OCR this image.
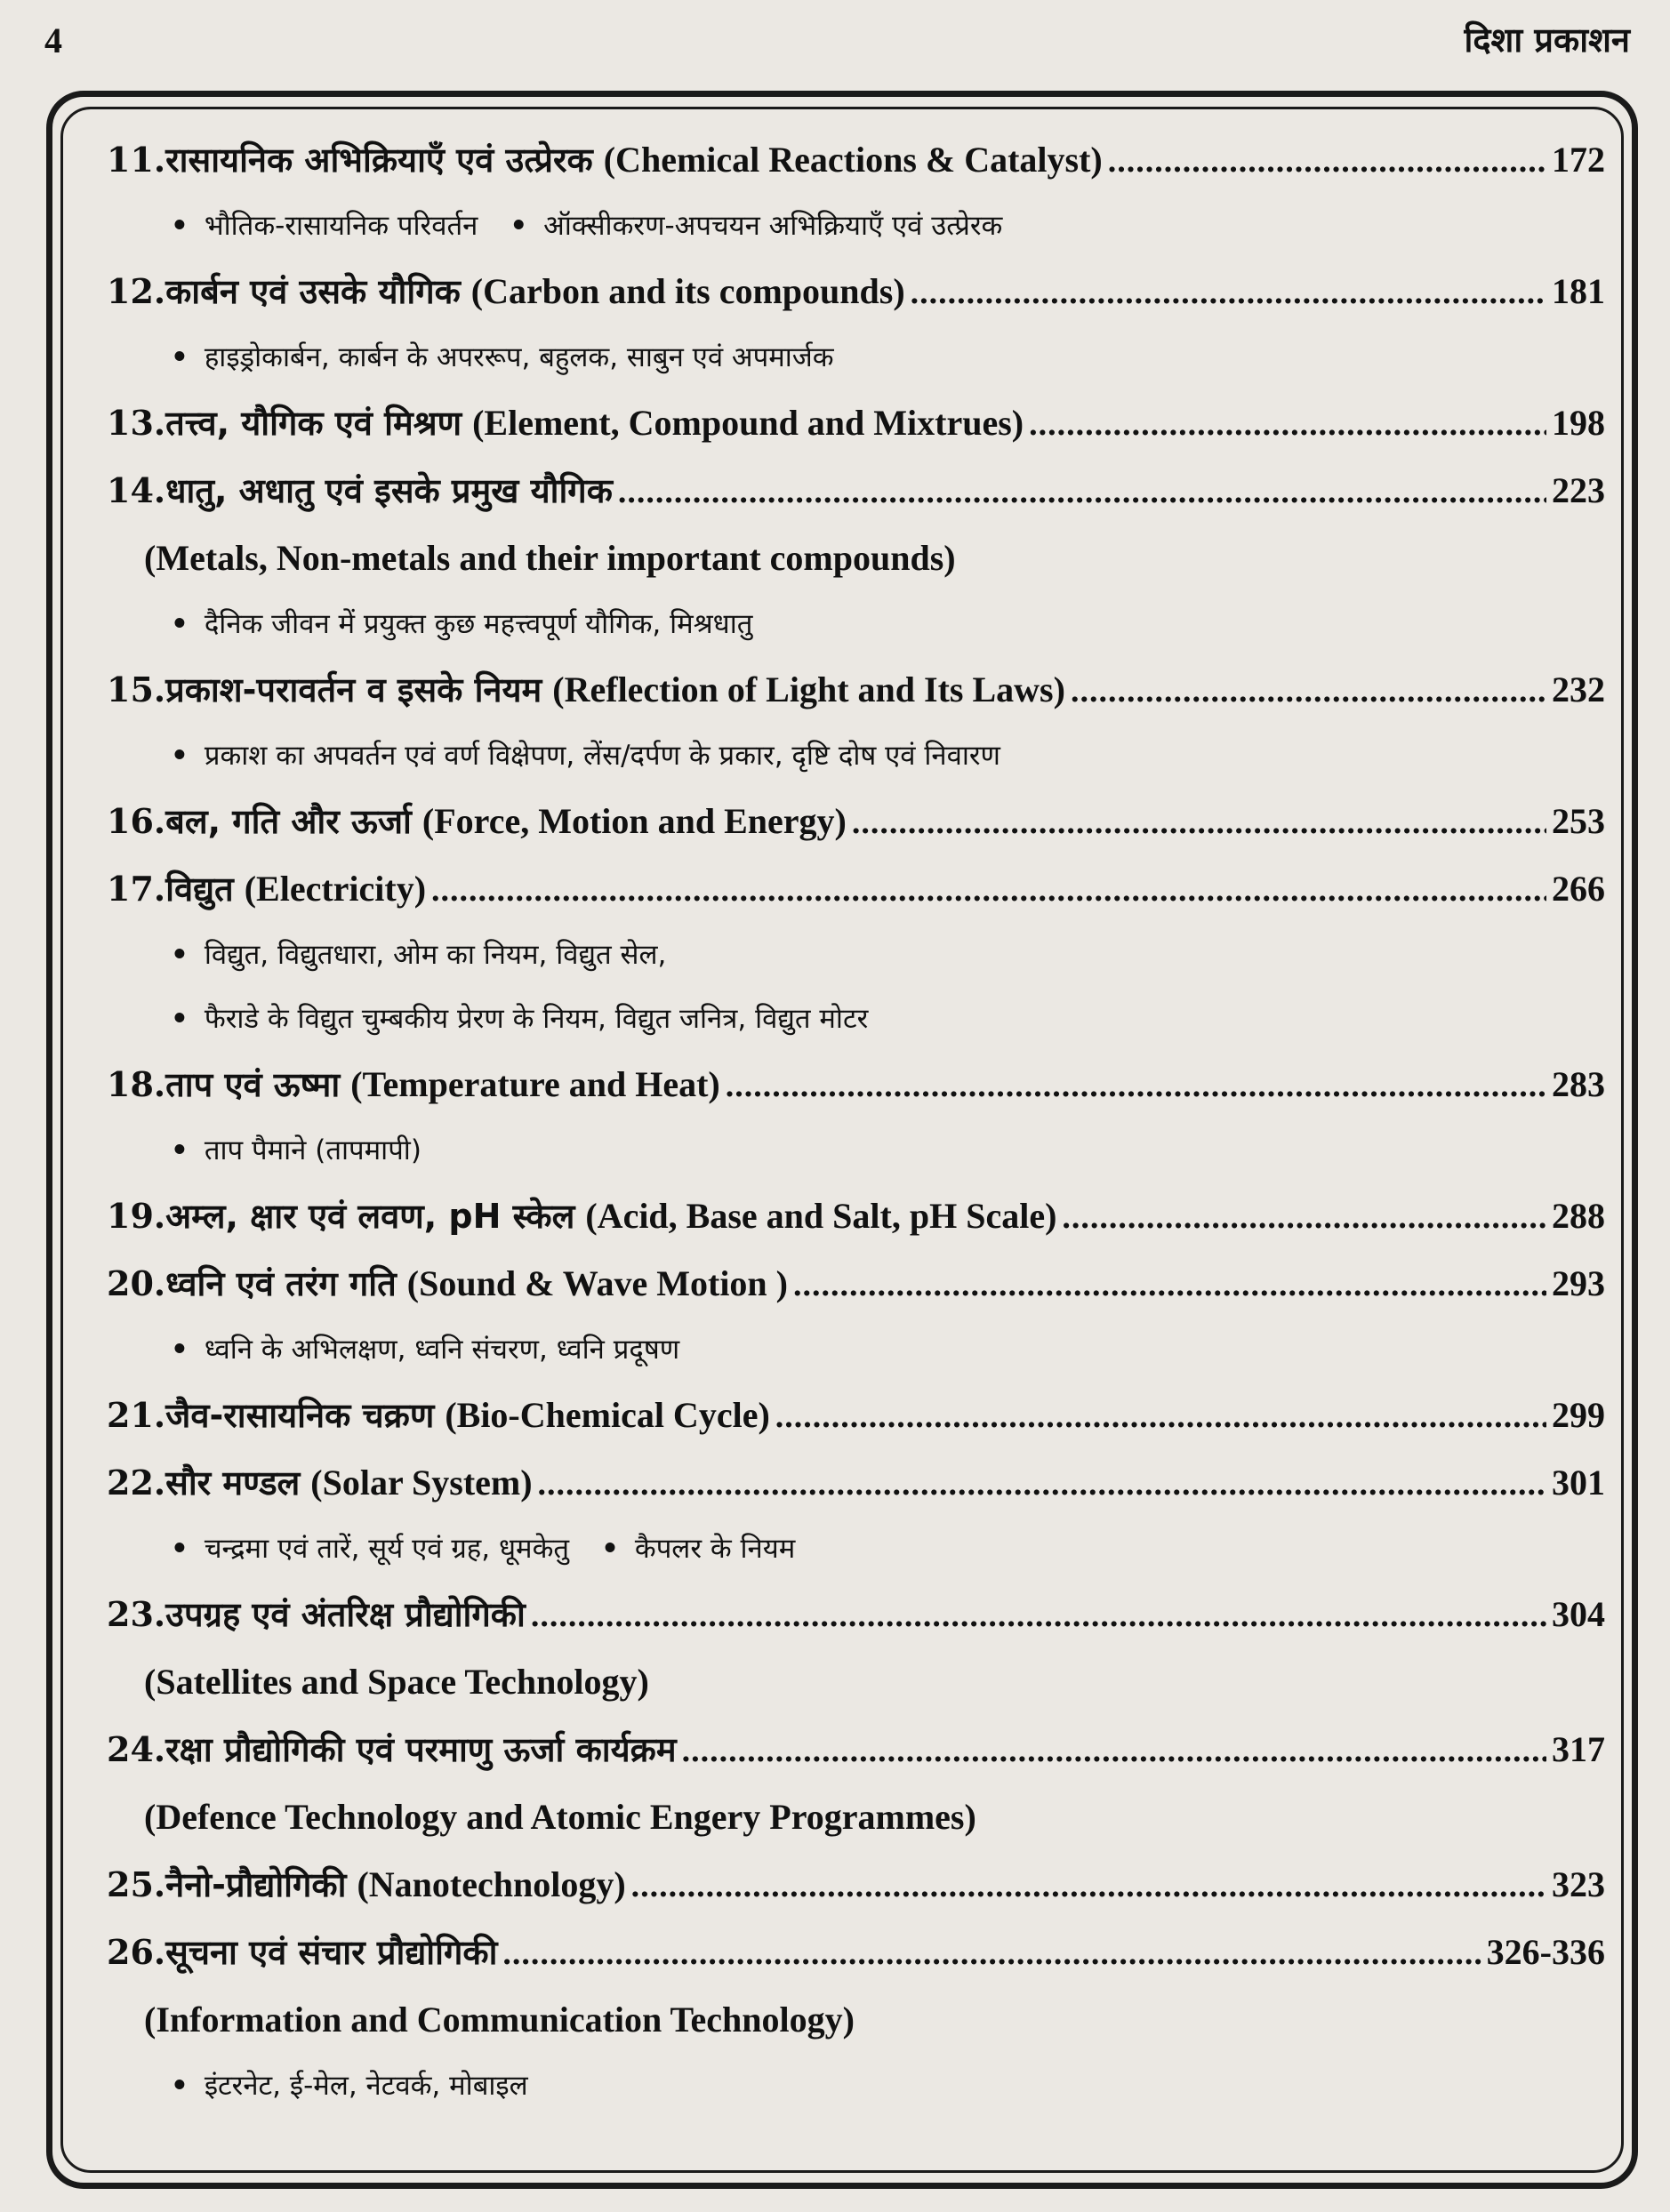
4	दिशा प्रकाशन
11. रासायनिक अभिक्रियाएँ एवं उत्प्रेरक (Chemical Reactions & Catalyst) .....	172
• भौतिक-रासायनिक परिवर्तन • ऑक्सीकरण-अपचयन अभिक्रियाएँ एवं उत्प्रेरक
12. कार्बन एवं उसके यौगिक (Carbon and its compounds) .....	181
• हाइड्रोकार्बन, कार्बन के अपररूप, बहुलक, साबुन एवं अपमार्जक
13. तत्त्व, यौगिक एवं मिश्रण (Element, Compound and Mixtrues) .....	198
14. धातु, अधातु एवं इसके प्रमुख यौगिक .....	223
(Metals, Non-metals and their important compounds)
• दैनिक जीवन में प्रयुक्त कुछ महत्त्वपूर्ण यौगिक, मिश्रधातु
15. प्रकाश-परावर्तन व इसके नियम (Reflection of Light and Its Laws) .....	232
• प्रकाश का अपवर्तन एवं वर्ण विक्षेपण, लेंस/दर्पण के प्रकार, दृष्टि दोष एवं निवारण
16. बल, गति और ऊर्जा (Force, Motion and Energy) .....	253
17. विद्युत (Electricity) .....	266
• विद्युत, विद्युतधारा, ओम का नियम, विद्युत सेल,
• फैराडे के विद्युत चुम्बकीय प्रेरण के नियम, विद्युत जनित्र, विद्युत मोटर
18. ताप एवं ऊष्मा (Temperature and Heat) .....	283
• ताप पैमाने (तापमापी)
19. अम्ल, क्षार एवं लवण, pH स्केल (Acid, Base and Salt, pH Scale) .....	288
20. ध्वनि एवं तरंग गति (Sound & Wave Motion ) .....	293
• ध्वनि के अभिलक्षण, ध्वनि संचरण, ध्वनि प्रदूषण
21. जैव-रासायनिक चक्रण (Bio-Chemical Cycle) .....	299
22. सौर मण्डल (Solar System) .....	301
• चन्द्रमा एवं तारें, सूर्य एवं ग्रह, धूमकेतु • कैपलर के नियम
23. उपग्रह एवं अंतरिक्ष प्रौद्योगिकी .....	304
(Satellites and Space Technology)
24. रक्षा प्रौद्योगिकी एवं परमाणु ऊर्जा कार्यक्रम .....	317
(Defence Technology and Atomic Engery Programmes)
25. नैनो-प्रौद्योगिकी (Nanotechnology) .....	323
26. सूचना एवं संचार प्रौद्योगिकी .....	326-336
(Information and Communication Technology)
• इंटरनेट, ई-मेल, नेटवर्क, मोबाइल
